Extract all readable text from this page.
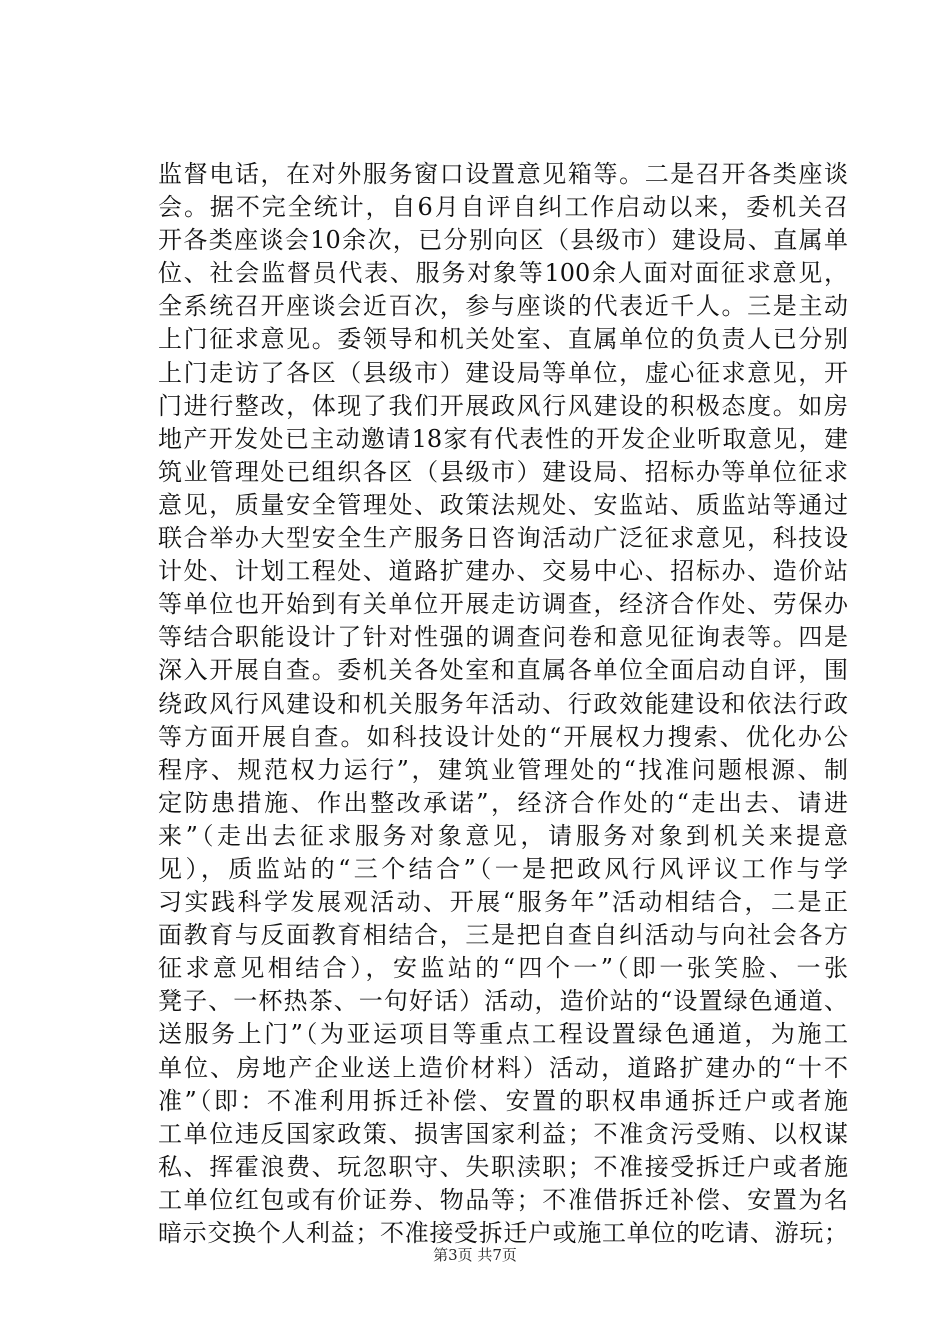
监督电话，在对外服务窗口设置意见箱等。二是召开各类座谈
会。据不完全统计，自6月自评自纠工作启动以来，委机关召
开各类座谈会10余次，已分别向区（县级市）建设局、直属单
位、社会监督员代表、服务对象等100余人面对面征求意见，
全系统召开座谈会近百次，参与座谈的代表近千人。三是主动
上门征求意见。委领导和机关处室、直属单位的负责人已分别
上门走访了各区（县级市）建设局等单位，虚心征求意见，开
门进行整改，体现了我们开展政风行风建设的积极态度。如房
地产开发处已主动邀请18家有代表性的开发企业听取意见，建
筑业管理处已组织各区（县级市）建设局、招标办等单位征求
意见，质量安全管理处、政策法规处、安监站、质监站等通过
联合举办大型安全生产服务日咨询活动广泛征求意见，科技设
计处、计划工程处、道路扩建办、交易中心、招标办、造价站
等单位也开始到有关单位开展走访调查，经济合作处、劳保办
等结合职能设计了针对性强的调查问卷和意见征询表等。四是
深入开展自查。委机关各处室和直属各单位全面启动自评，围
绕政风行风建设和机关服务年活动、行政效能建设和依法行政
等方面开展自查。如科技设计处的“开展权力搜索、优化办公
程序、规范权力运行”，建筑业管理处的“找准问题根源、制
定防患措施、作出整改承诺”，经济合作处的“走出去、请进
来”（走出去征求服务对象意见，请服务对象到机关来提意
见），质监站的“三个结合”（一是把政风行风评议工作与学
习实践科学发展观活动、开展“服务年”活动相结合，二是正
面教育与反面教育相结合，三是把自查自纠活动与向社会各方
征求意见相结合），安监站的“四个一”（即一张笑脸、一张
凳子、一杯热茶、一句好话）活动，造价站的“设置绿色通道、
送服务上门”（为亚运项目等重点工程设置绿色通道，为施工
单位、房地产企业送上造价材料）活动，道路扩建办的“十不
准”（即：不准利用拆迁补偿、安置的职权串通拆迁户或者施
工单位违反国家政策、损害国家利益；不准贪污受贿、以权谋
私、挥霍浪费、玩忽职守、失职渎职；不准接受拆迁户或者施
工单位红包或有价证券、物品等；不准借拆迁补偿、安置为名
暗示交换个人利益；不准接受拆迁户或施工单位的吃请、游玩；
第3页 共7页
